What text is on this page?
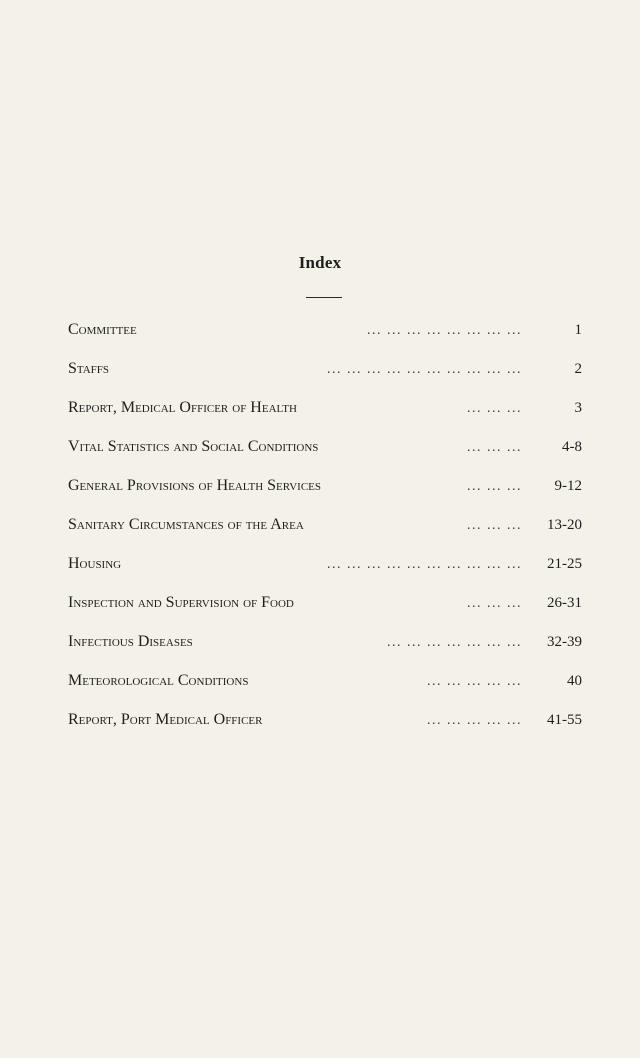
Index
Committee	... ... ... ... ... ... ... ...	1
Staffs	... ... ... ... ... ... ... ... ... ...	2
Report, Medical Officer of Health	... ... ...	3
Vital Statistics and Social Conditions	... ... ...	4-8
General Provisions of Health Services	... ... ...	9-12
Sanitary Circumstances of the Area	... ... ...	13-20
Housing	... ... ... ... ... ... ... ... ... ...	21-25
Inspection and Supervision of Food	... ... ...	26-31
Infectious Diseases	... ... ... ... ... ... ...	32-39
Meteorological Conditions	... ... ... ... ...	40
Report, Port Medical Officer	... ... ... ... ...	41-55
